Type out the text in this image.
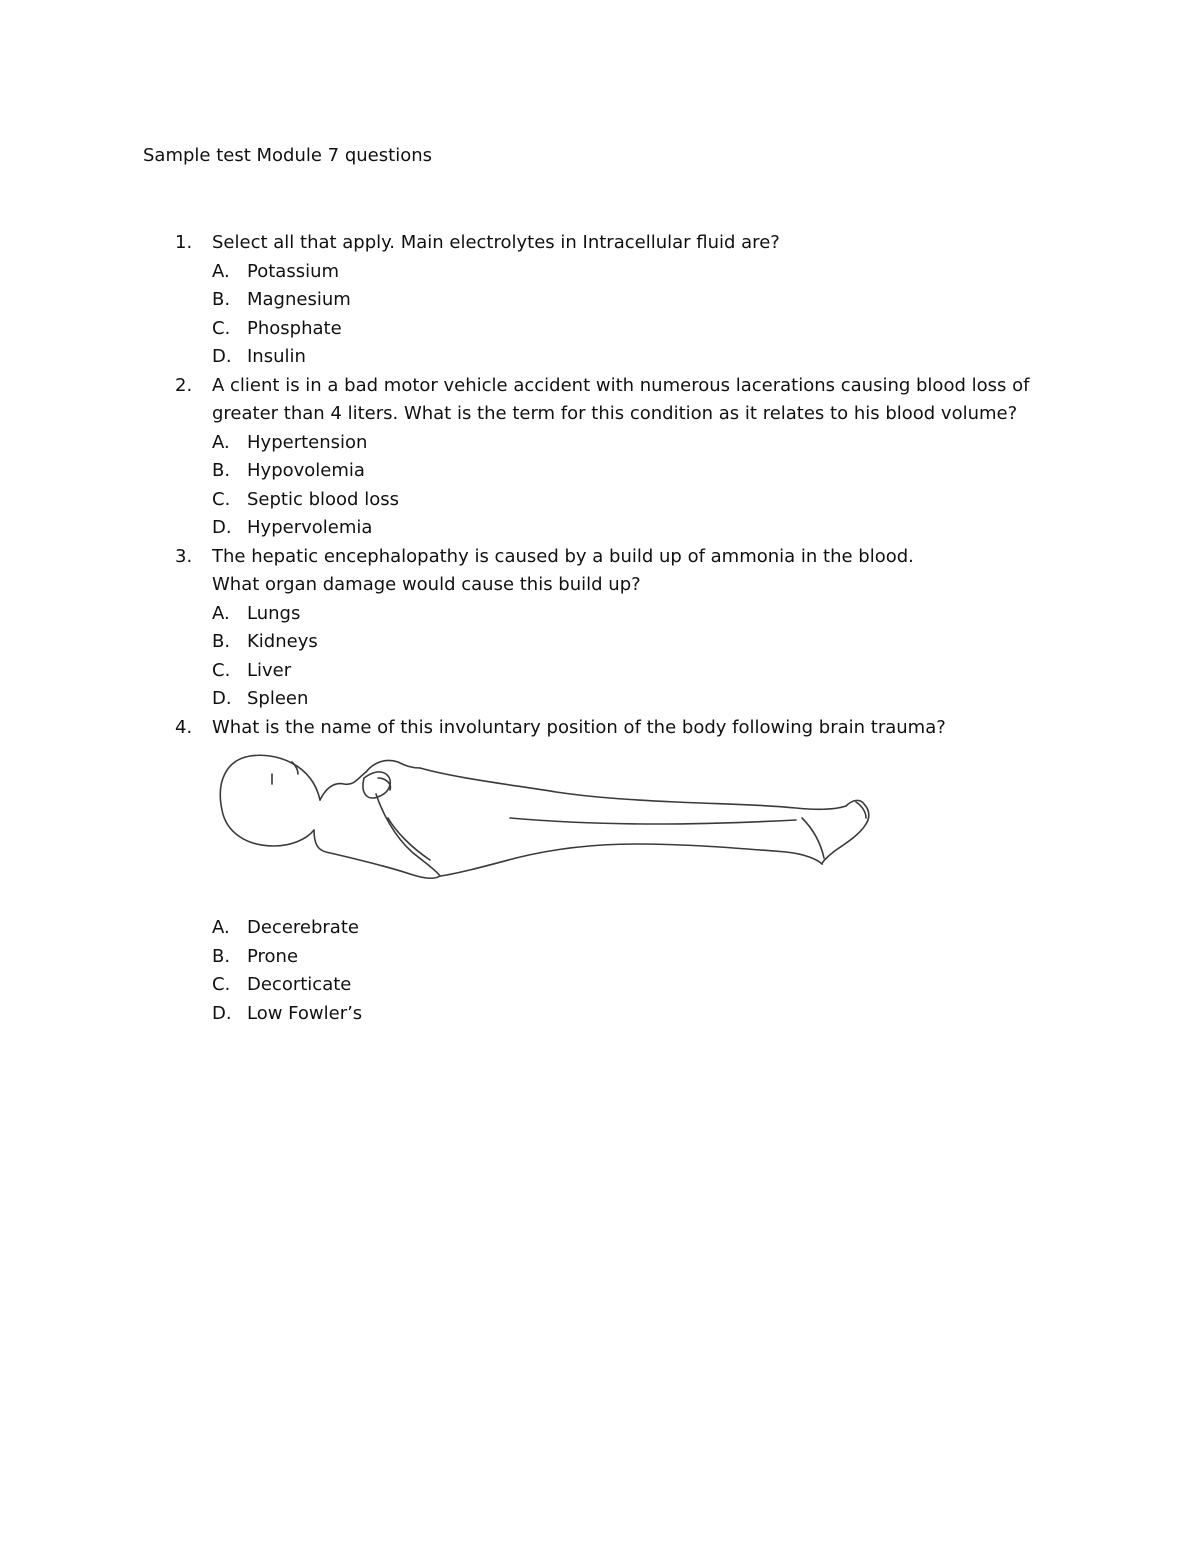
Sample test Module 7 questions
1. Select all that apply. Main electrolytes in Intracellular fluid are?
A. Potassium
B. Magnesium
C. Phosphate
D. Insulin
2. A client is in a bad motor vehicle accident with numerous lacerations causing blood loss of
greater than 4 liters. What is the term for this condition as it relates to his blood volume?
A. Hypertension
B. Hypovolemia
C. Septic blood loss
D. Hypervolemia
3. The hepatic encephalopathy is caused by a build up of ammonia in the blood.
What organ damage would cause this build up?
A. Lungs
B. Kidneys
C. Liver
D. Spleen
4. What is the name of this involuntary position of the body following brain trauma?
A. Decerebrate
B. Prone
C. Decorticate
D. Low Fowler’s
